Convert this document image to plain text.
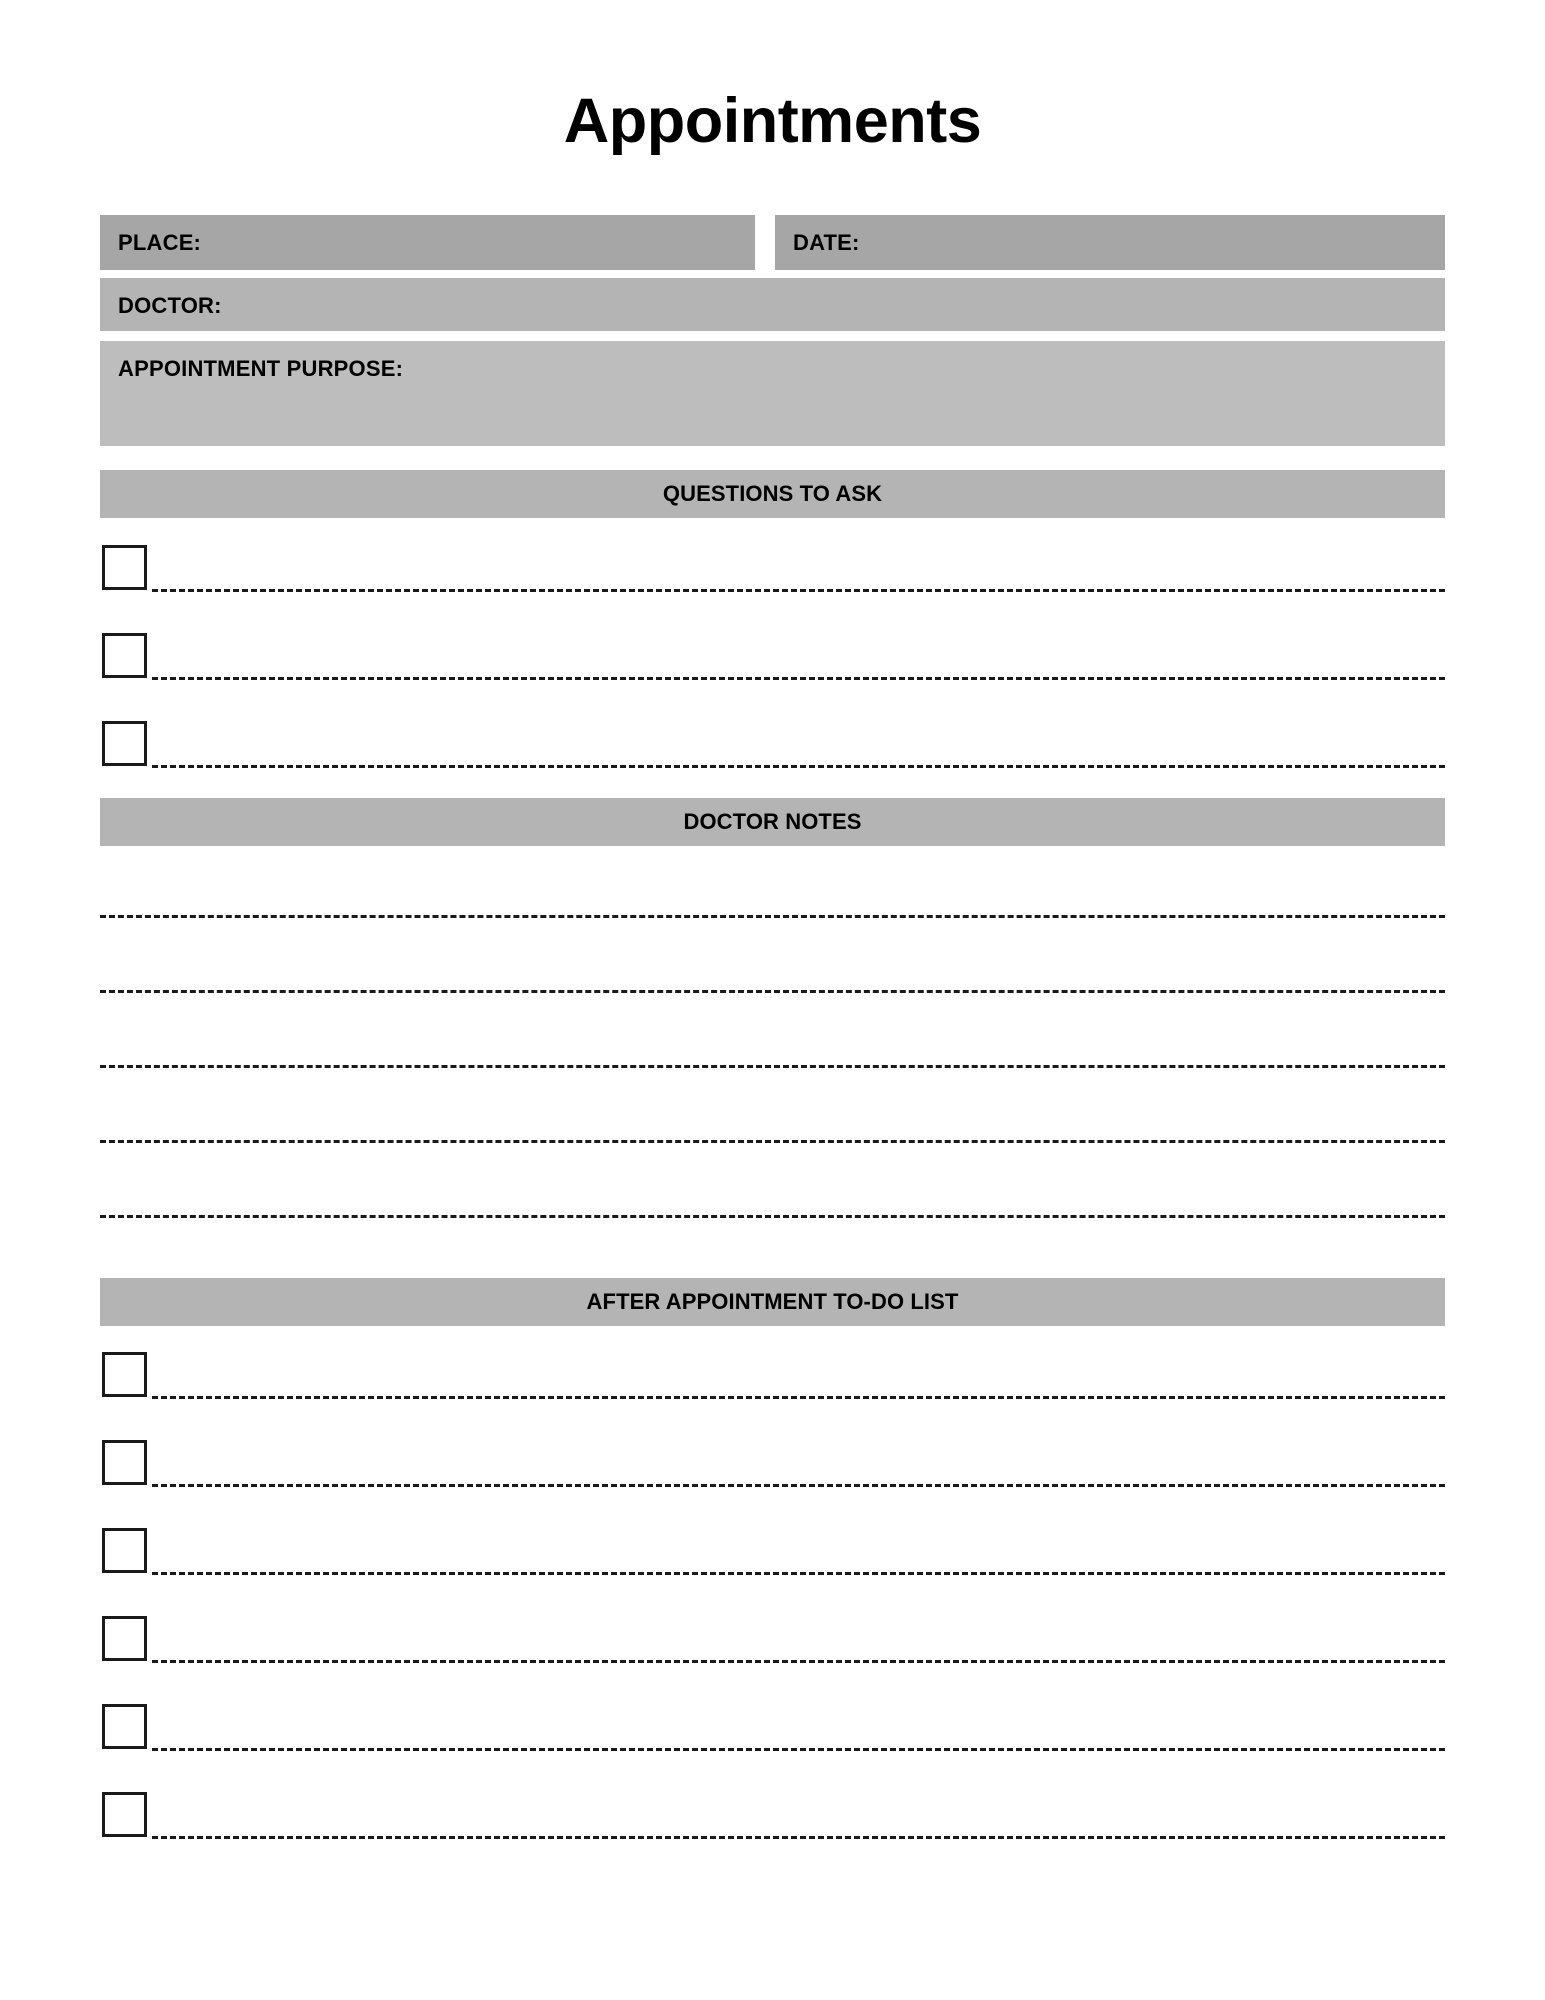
Appointments
PLACE:	DATE:
DOCTOR:
APPOINTMENT PURPOSE:
QUESTIONS TO ASK
DOCTOR NOTES
AFTER APPOINTMENT TO-DO LIST
